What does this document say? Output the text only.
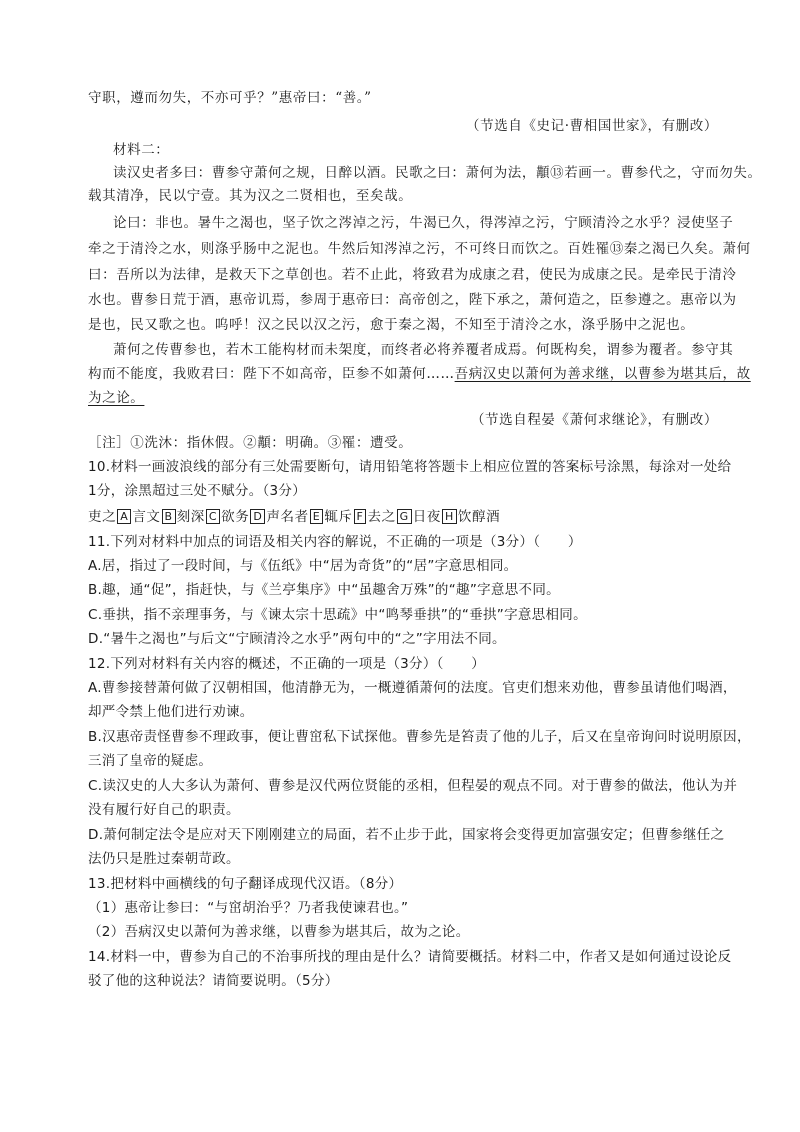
守职，遵而勿失，不亦可乎？”惠帝曰：“善。”
（节选自《史记·曹相国世家》，有删改）
材料二：
读汉史者多曰：曹参守萧何之规，日醉以酒。民歌之曰：萧何为法，顜⑬若画一。曹参代之，守而勿失。
载其清净，民以宁壹。其为汉之二贤相也，至矣哉。
论曰：非也。暑牛之渴也，坚子饮之涔淖之污，牛渴已久，得涔淖之污，宁顾清泠之水乎？浸使坚子
牵之于清泠之水，则涤乎肠中之泥也。牛然后知涔淖之污，不可终日而饮之。百姓罹⑬秦之渴已久矣。萧何
曰：吾所以为法律，是救天下之草创也。若不止此，将致君为成康之君，使民为成康之民。是牵民于清泠
水也。曹参日荒于酒，惠帝讥焉，参周于惠帝曰：高帝创之，陛下承之，萧何造之，臣参遵之。惠帝以为
是也，民又歌之也。呜呼！汉之民以汉之污，愈于秦之渴，不知至于清泠之水，涤乎肠中之泥也。
萧何之传曹参也，若木工能构材而未架度，而终者必将养覆者成焉。何既构矣，谓参为覆者。参守其
构而不能度，我败君曰：陛下不如高帝，臣参不如萧何……吾病汉史以萧何为善求继，以曹参为堪其后，故
为之论。
（节选自程晏《萧何求继论》，有删改）
［注］①洗沐：指休假。②顜：明确。③罹：遭受。
10.材料一画波浪线的部分有三处需要断句，请用铅笔将答题卡上相应位置的答案标号涂黑，每涂对一处给
1分，涂黑超过三处不赋分。（3分）
吏之 A 言文 B 刻深 C 欲务 D 声名者 E 辄斥 F 去之 G 日夜 H 饮醇酒
11.下列对材料中加点的词语及相关内容的解说，不正确的一项是（3分）（　　）
A.居，指过了一段时间，与《伍纸》中“居为奇货”的“居”字意思相同。
B.趣，通“促”，指赶快，与《兰亭集序》中“虽趣舍万殊”的“趣”字意思不同。
C.垂拱，指不亲理事务，与《谏太宗十思疏》中“鸣琴垂拱”的“垂拱”字意思相同。
D.“暑牛之渴也”与后文“宁顾清泠之水乎”两句中的“之”字用法不同。
12.下列对材料有关内容的概述，不正确的一项是（3分）（　　）
A.曹参接替萧何做了汉朝相国，他清静无为，一概遵循萧何的法度。官吏们想来劝他，曹参虽请他们喝酒，
却严令禁上他们进行劝谏。
B.汉惠帝责怪曹参不理政事，便让曹窋私下试探他。曹参先是笞责了他的儿子，后又在皇帝询问时说明原因，
三消了皇帝的疑虑。
C.读汉史的人大多认为萧何、曹参是汉代两位贤能的丞相，但程晏的观点不同。对于曹参的做法，他认为并
没有履行好自己的职责。
D.萧何制定法令是应对天下刚刚建立的局面，若不止步于此，国家将会变得更加富强安定；但曹参继任之
法仍只是胜过秦朝苛政。
13.把材料中画横线的句子翻译成现代汉语。（8分）
（1）惠帝让参曰：“与窋胡治乎？乃者我使谏君也。”
（2）吾病汉史以萧何为善求继，以曹参为堪其后，故为之论。
14.材料一中，曹参为自己的不治事所找的理由是什么？请简要概括。材料二中，作者又是如何通过设论反
驳了他的这种说法？请简要说明。（5分）
